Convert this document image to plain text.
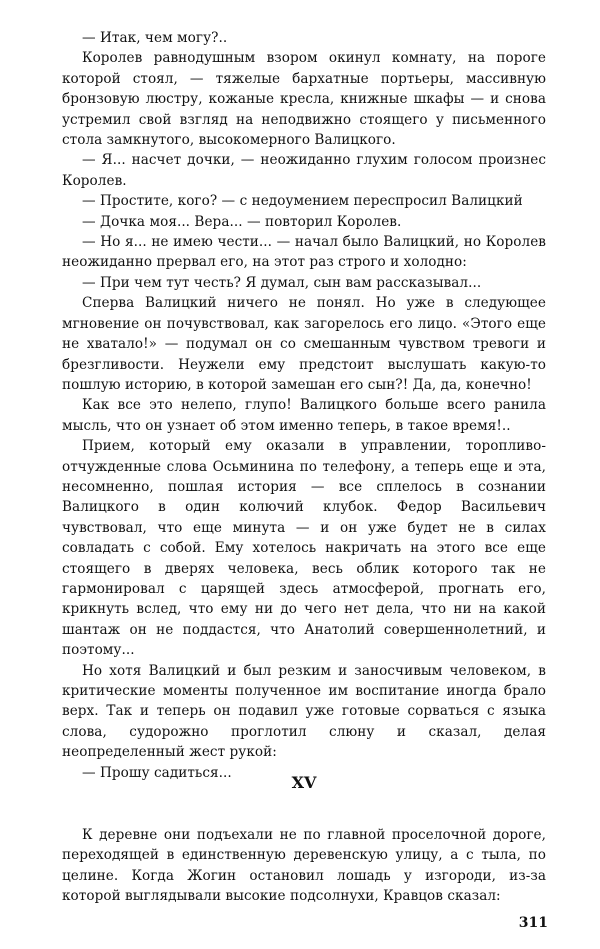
— Итак, чем могу?..

Королев равнодушным взором окинул комнату, на пороге которой стоял, — тяжелые бархатные портьеры, массивную бронзовую люстру, кожаные кресла, книжные шкафы — и снова устремил свой взгляд на неподвижно стоящего у письменного стола замкнутого, высокомерного Валицкого.

— Я... насчет дочки, — неожиданно глухим голосом произнес Королев.

— Простите, кого? — с недоумением переспросил Валицкий

— Дочка моя... Вера... — повторил Королев.

— Но я... не имею чести... — начал было Валицкий, но Королев неожиданно прервал его, на этот раз строго и холодно:

— При чем тут честь? Я думал, сын вам рассказывал...

Сперва Валицкий ничего не понял. Но уже в следующее мгновение он почувствовал, как загорелось его лицо. «Этого еще не хватало!» — подумал он со смешанным чувством тревоги и брезгливости. Неужели ему предстоит выслушать какую-то пошлую историю, в которой замешан его сын?! Да, да, конечно!

Как все это нелепо, глупо! Валицкого больше всего ранила мысль, что он узнает об этом именно теперь, в такое время!..

Прием, который ему оказали в управлении, торопливо-отчужденные слова Осьминина по телефону, а теперь еще и эта, несомненно, пошлая история — все сплелось в сознании Валицкого в один колючий клубок. Федор Васильевич чувствовал, что еще минута — и он уже будет не в силах совладать с собой. Ему хотелось накричать на этого все еще стоящего в дверях человека, весь облик которого так не гармонировал с царящей здесь атмосферой, прогнать его, крикнуть вслед, что ему ни до чего нет дела, что ни на какой шантаж он не поддастся, что Анатолий совершеннолетний, и поэтому...

Но хотя Валицкий и был резким и заносчивым человеком, в критические моменты полученное им воспитание иногда брало верх. Так и теперь он подавил уже готовые сорваться с языка слова, судорожно проглотил слюну и сказал, делая неопределенный жест рукой:

— Прошу садиться...

XV

К деревне они подъехали не по главной проселочной дороге, переходящей в единственную деревенскую улицу, а с тыла, по целине. Когда Жогин остановил лошадь у изгороди, из-за которой выглядывали высокие подсолнухи, Кравцов сказал:

311
